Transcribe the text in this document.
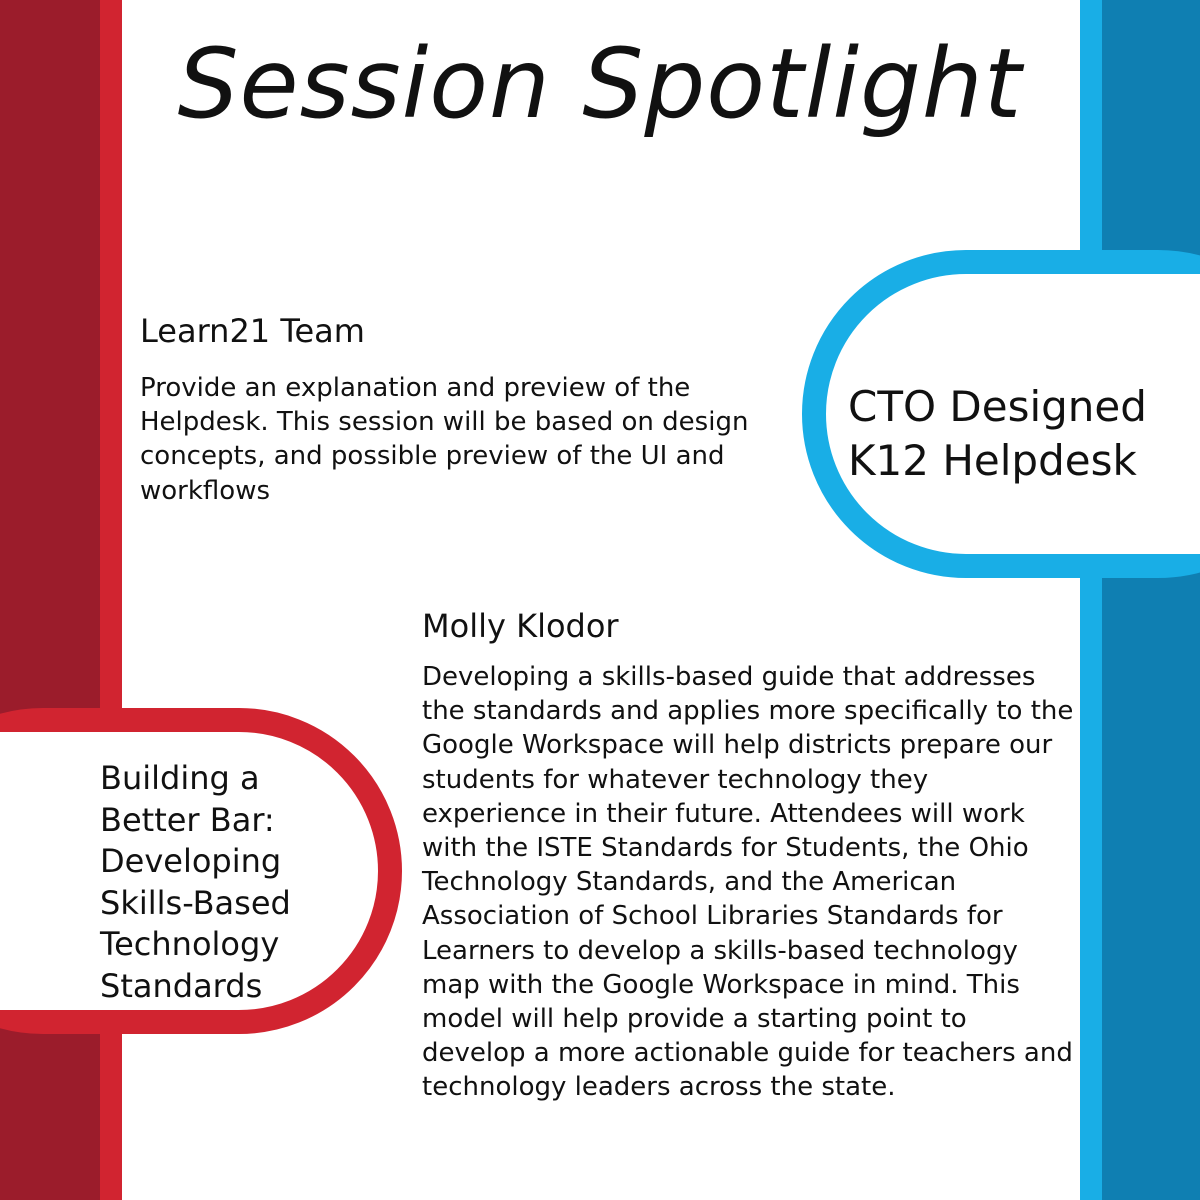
Session Spotlight
Learn21 Team
Provide an explanation and preview of the Helpdesk. This session will be based on design concepts, and possible preview of the UI and workflows
CTO Designed K12 Helpdesk
Molly Klodor
Developing a skills-based guide that addresses the standards and applies more specifically to the Google Workspace will help districts prepare our students for whatever technology they experience in their future. Attendees will work with the ISTE Standards for Students, the Ohio Technology Standards, and the American Association of School Libraries Standards for Learners to develop a skills-based technology map with the Google Workspace in mind. This model will help provide a starting point to develop a more actionable guide for teachers and technology leaders across the state.
Building a Better Bar: Developing Skills-Based Technology Standards
